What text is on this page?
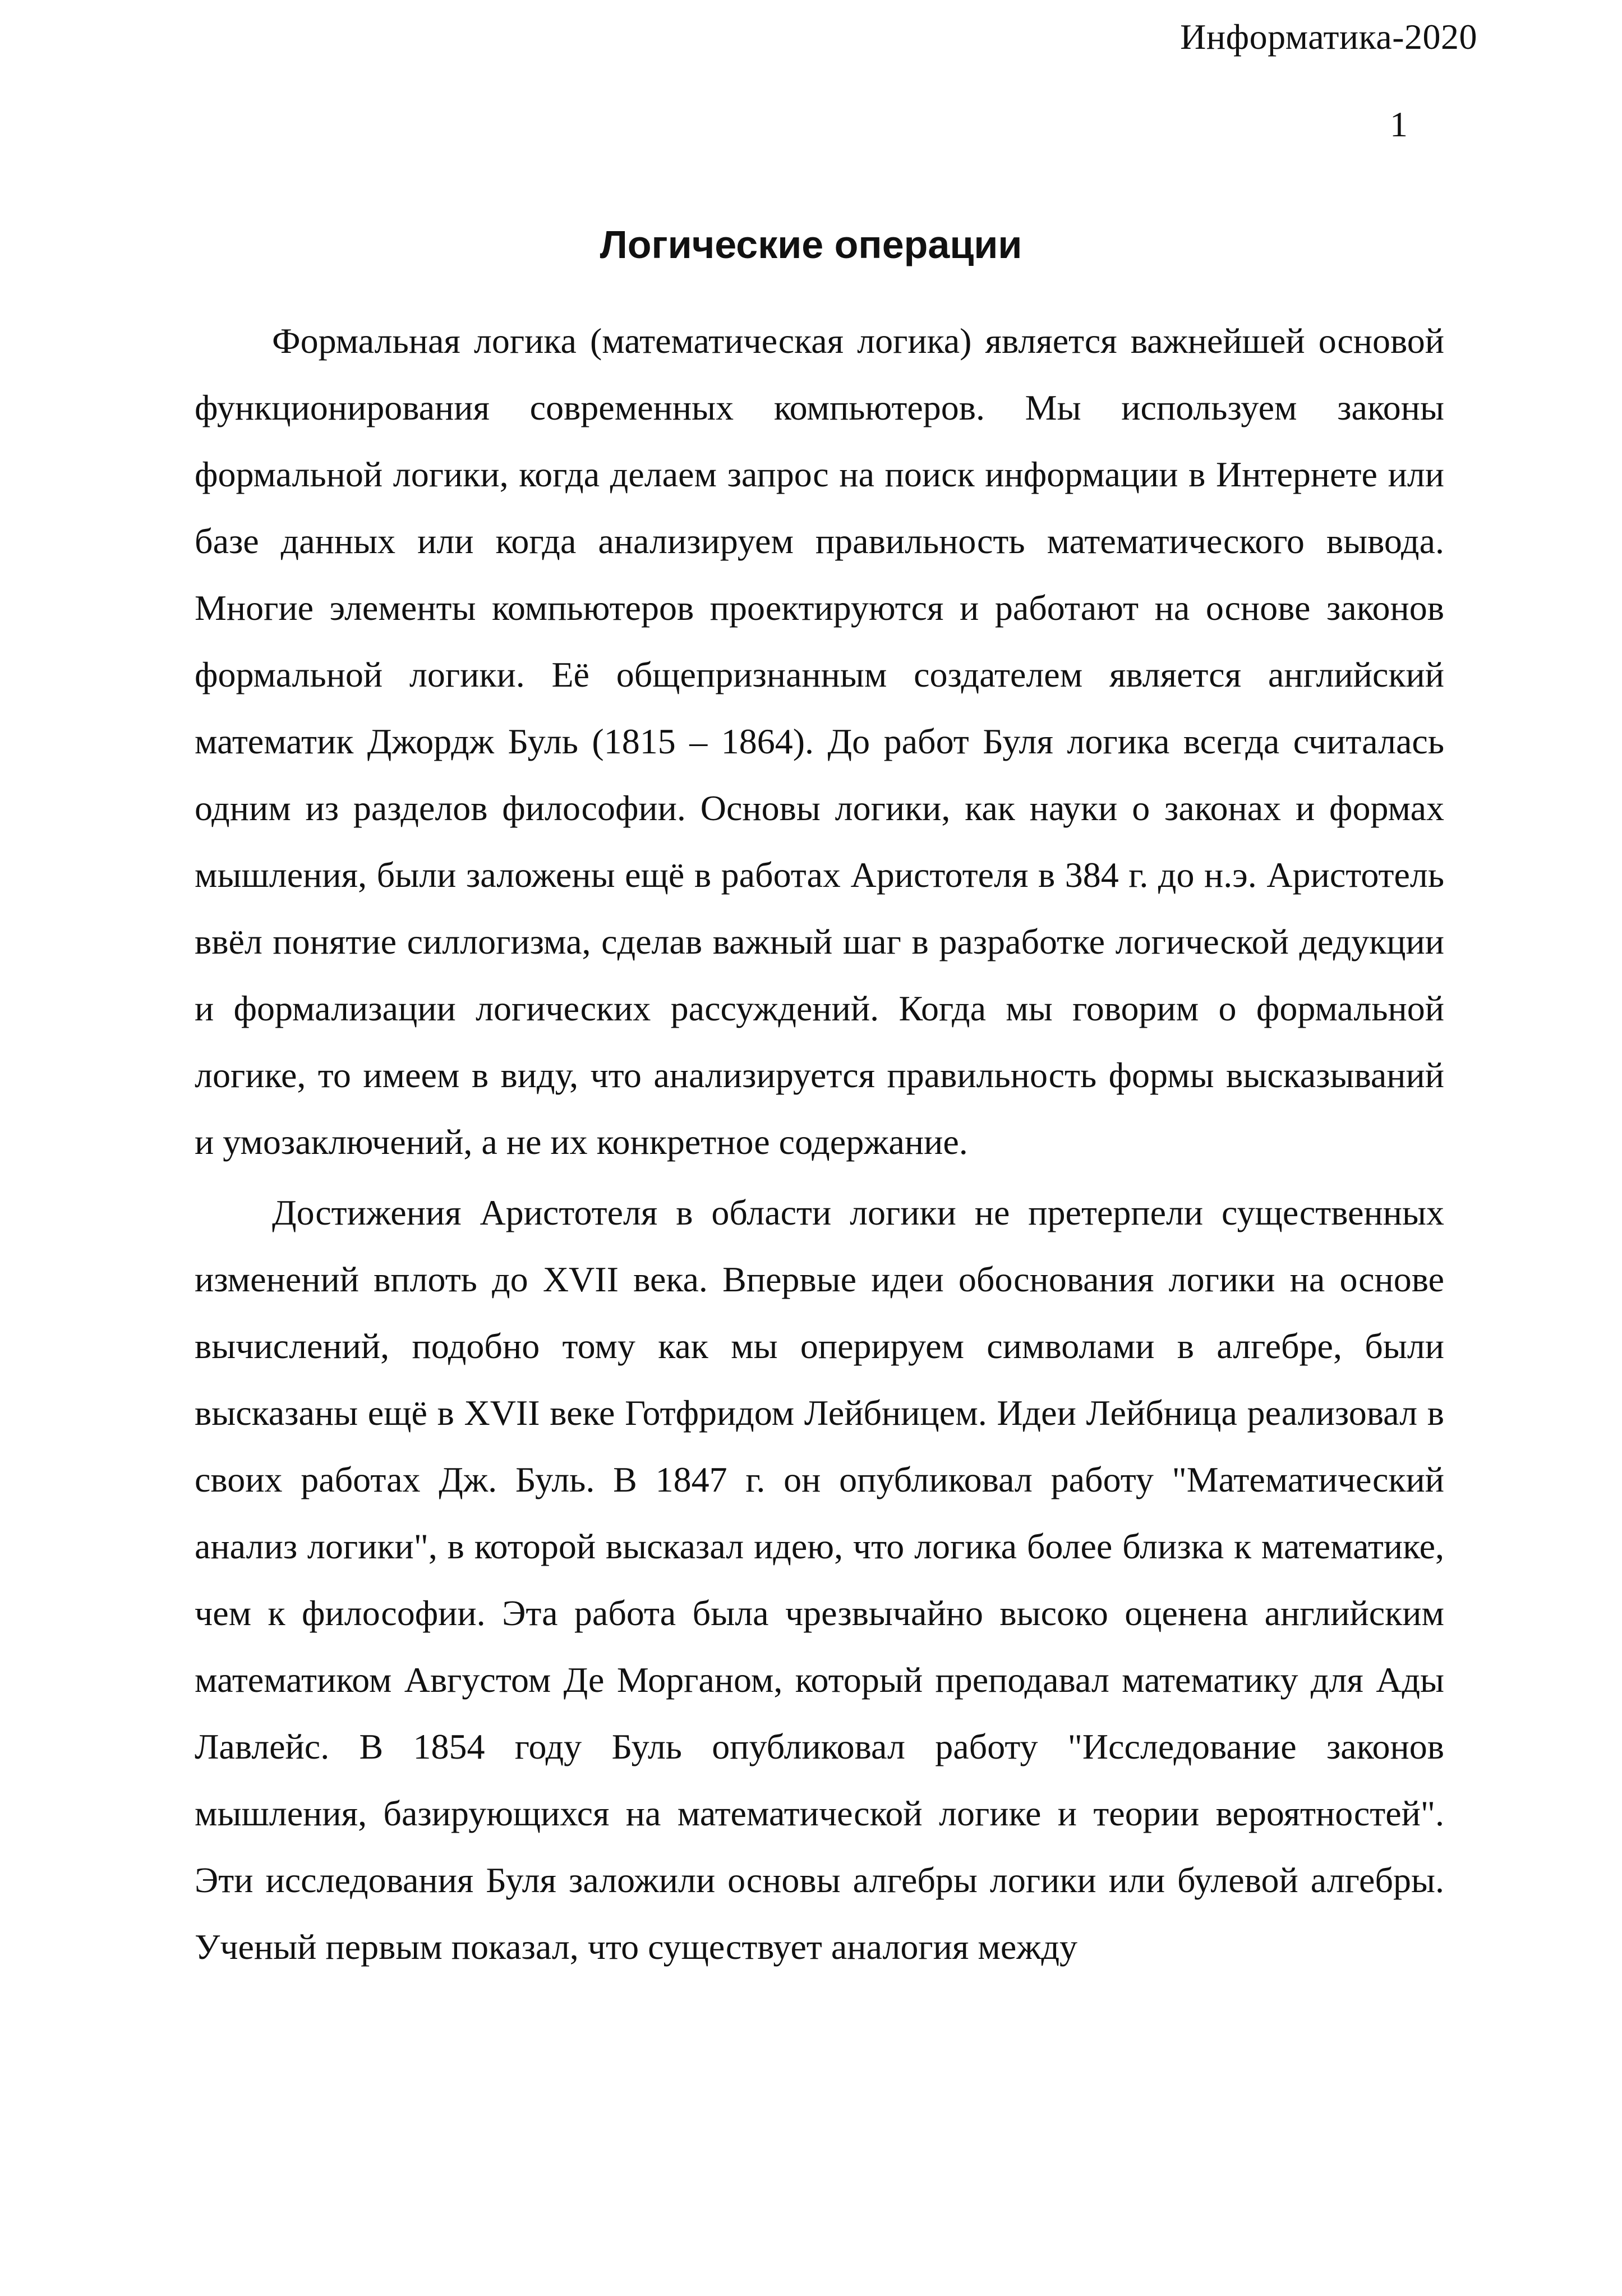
Информатика-2020
1
Логические операции

Формальная логика (математическая логика) является важнейшей основой функционирования современных компьютеров. Мы используем законы формальной логики, когда делаем запрос на поиск информации в Интернете или базе данных или когда анализируем правильность математического вывода. Многие элементы компьютеров проектируются и работают на основе законов формальной логики. Её общепризнанным создателем является английский математик Джордж Буль (1815 – 1864). До работ Буля логика всегда считалась одним из разделов философии. Основы логики, как науки о законах и формах мышления, были заложены ещё в работах Аристотеля в 384 г. до н.э. Аристотель ввёл понятие силлогизма, сделав важный шаг в разработке логической дедукции и формализации логических рассуждений. Когда мы говорим о формальной логике, то имеем в виду, что анализируется правильность формы высказываний и умозаключений, а не их конкретное содержание.

Достижения Аристотеля в области логики не претерпели существенных изменений вплоть до XVII века. Впервые идеи обоснования логики на основе вычислений, подобно тому как мы оперируем символами в алгебре, были высказаны ещё в XVII веке Готфридом Лейбницем. Идеи Лейбница реализовал в своих работах Дж. Буль. В 1847 г. он опубликовал работу "Математический анализ логики", в которой высказал идею, что логика более близка к математике, чем к философии. Эта работа была чрезвычайно высоко оценена английским математиком Августом Де Морганом, который преподавал математику для Ады Лавлейс. В 1854 году Буль опубликовал работу "Исследование законов мышления, базирующихся на математической логике и теории вероятностей". Эти исследования Буля заложили основы алгебры логики или булевой алгебры. Ученый первым показал, что существует аналогия между
